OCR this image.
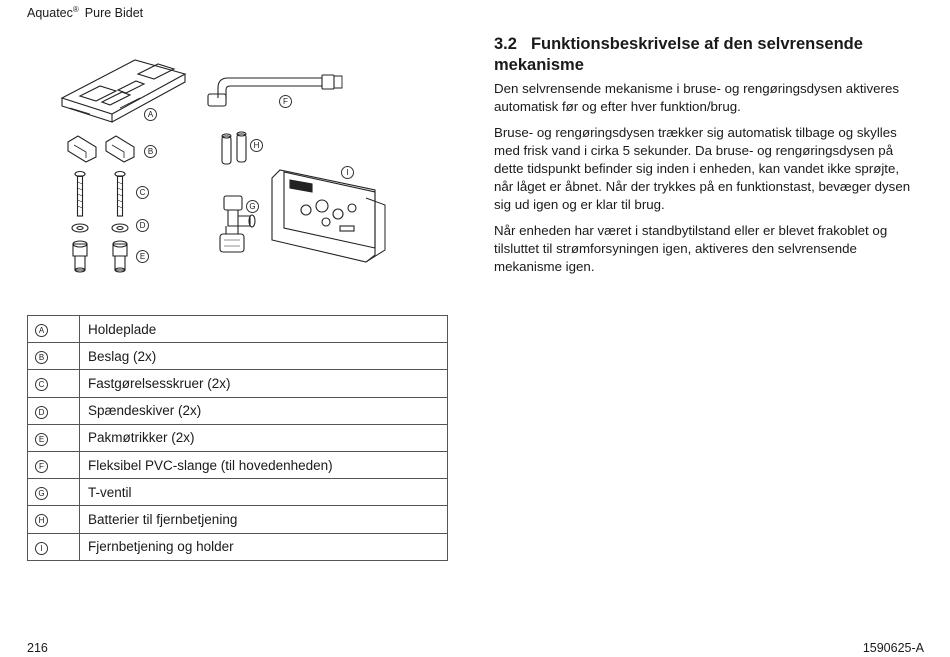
Aquatec® Pure Bidet
A
B
C
D
E
F
G
H
I
A	Holdeplade
B	Beslag (2x)
C	Fastgørelsesskruer (2x)
D	Spændeskiver (2x)
E	Pakmøtrikker (2x)
F	Fleksibel PVC-slange (til hovedenheden)
G	T-ventil
H	Batterier til fjernbetjening
I	Fjernbetjening og holder
3.2 Funktionsbeskrivelse af den selvrensende mekanisme

Den selvrensende mekanisme i bruse- og rengøringsdysen aktiveres automatisk før og efter hver funktion/brug.

Bruse- og rengøringsdysen trækker sig automatisk tilbage og skylles med frisk vand i cirka 5 sekunder. Da bruse- og rengøringsdysen på dette tidspunkt befinder sig inden i enheden, kan vandet ikke sprøjte, når låget er åbnet. Når der trykkes på en funktionstast, bevæger dysen sig ud igen og er klar til brug.

Når enheden har været i standbytilstand eller er blevet frakoblet og tilsluttet til strømforsyningen igen, aktiveres den selvrensende mekanisme igen.

216	1590625-A
